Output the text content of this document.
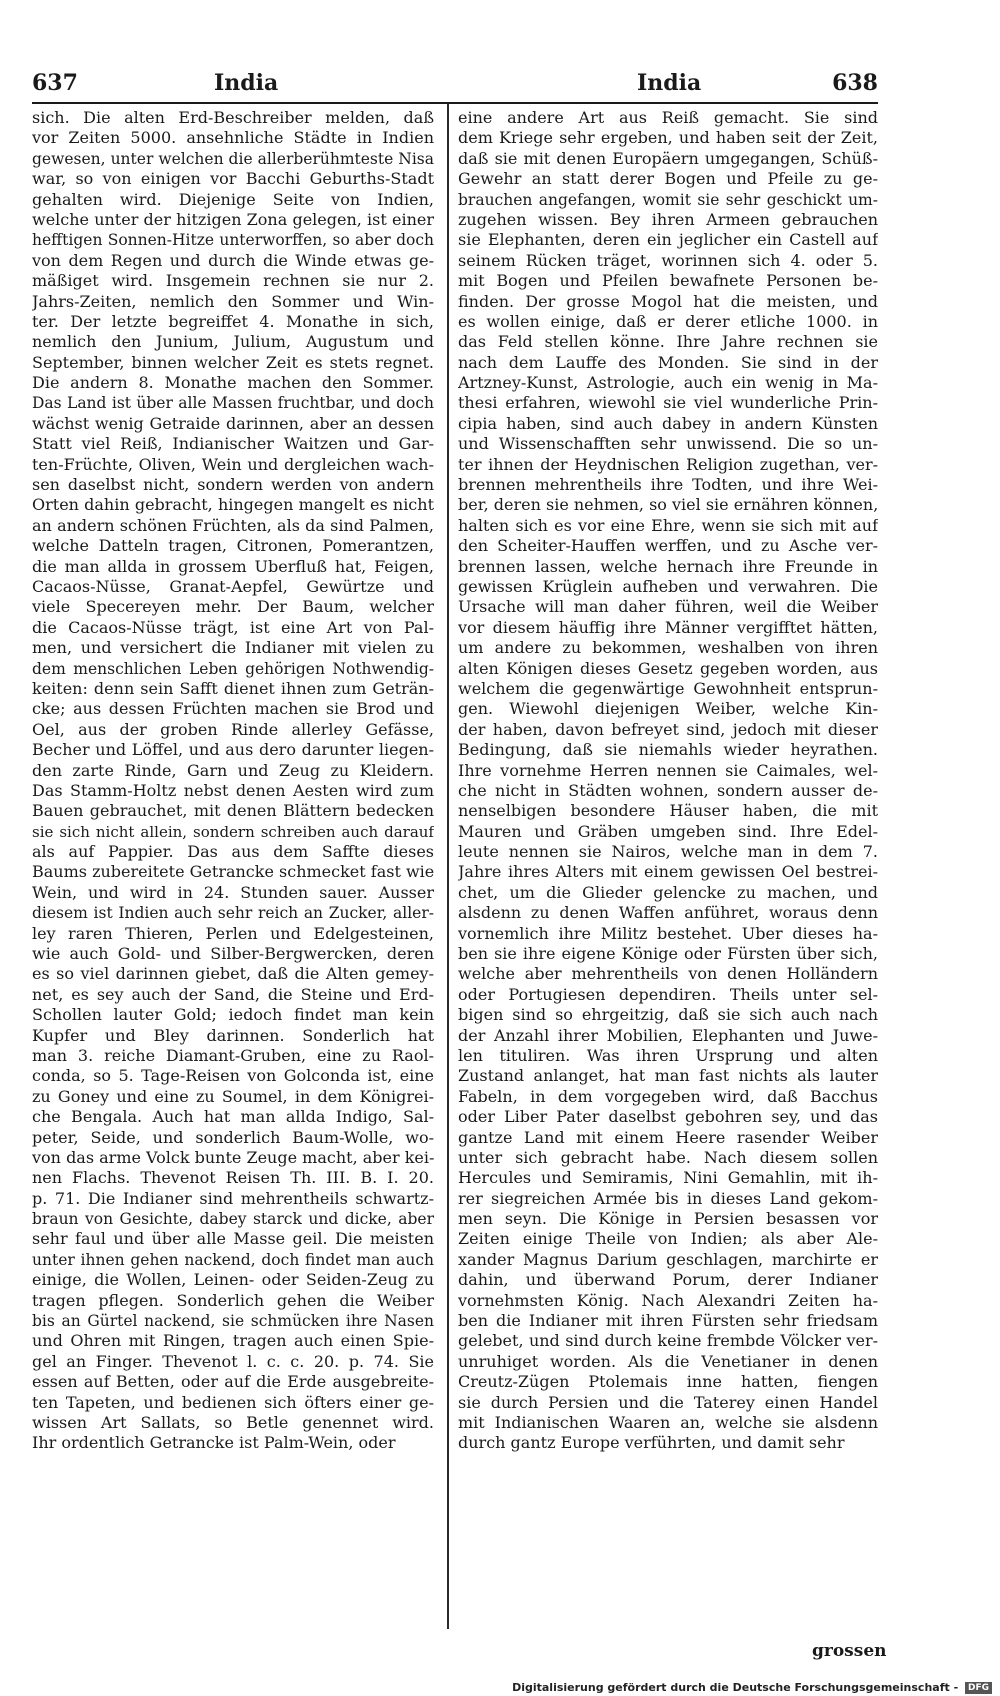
637	India	India	638
sich. Die alten Erd-Beschreiber melden, daß
vor Zeiten 5000. ansehnliche Städte in Indien
gewesen, unter welchen die allerberühmteste Nisa
war, so von einigen vor Bacchi Geburths-Stadt
gehalten wird. Diejenige Seite von Indien,
welche unter der hitzigen Zona gelegen, ist einer
hefftigen Sonnen-Hitze unterworffen, so aber doch
von dem Regen und durch die Winde etwas ge-
mäßiget wird. Insgemein rechnen sie nur 2.
Jahrs-Zeiten, nemlich den Sommer und Win-
ter. Der letzte begreiffet 4. Monathe in sich,
nemlich den Junium, Julium, Augustum und
September, binnen welcher Zeit es stets regnet.
Die andern 8. Monathe machen den Sommer.
Das Land ist über alle Massen fruchtbar, und doch
wächst wenig Getraide darinnen, aber an dessen
Statt viel Reiß, Indianischer Waitzen und Gar-
ten-Früchte, Oliven, Wein und dergleichen wach-
sen daselbst nicht, sondern werden von andern
Orten dahin gebracht, hingegen mangelt es nicht
an andern schönen Früchten, als da sind Palmen,
welche Datteln tragen, Citronen, Pomerantzen,
die man allda in grossem Uberfluß hat, Feigen,
Cacaos-Nüsse, Granat-Aepfel, Gewürtze und
viele Specereyen mehr. Der Baum, welcher
die Cacaos-Nüsse trägt, ist eine Art von Pal-
men, und versichert die Indianer mit vielen zu
dem menschlichen Leben gehörigen Nothwendig-
keiten: denn sein Safft dienet ihnen zum Geträn-
cke; aus dessen Früchten machen sie Brod und
Oel, aus der groben Rinde allerley Gefässe,
Becher und Löffel, und aus dero darunter liegen-
den zarte Rinde, Garn und Zeug zu Kleidern.
Das Stamm-Holtz nebst denen Aesten wird zum
Bauen gebrauchet, mit denen Blättern bedecken
sie sich nicht allein, sondern schreiben auch darauf
als auf Pappier. Das aus dem Saffte dieses
Baums zubereitete Getrancke schmecket fast wie
Wein, und wird in 24. Stunden sauer. Ausser
diesem ist Indien auch sehr reich an Zucker, aller-
ley raren Thieren, Perlen und Edelgesteinen,
wie auch Gold- und Silber-Bergwercken, deren
es so viel darinnen giebet, daß die Alten gemey-
net, es sey auch der Sand, die Steine und Erd-
Schollen lauter Gold; iedoch findet man kein
Kupfer und Bley darinnen. Sonderlich hat
man 3. reiche Diamant-Gruben, eine zu Raol-
conda, so 5. Tage-Reisen von Golconda ist, eine
zu Goney und eine zu Soumel, in dem Königrei-
che Bengala. Auch hat man allda Indigo, Sal-
peter, Seide, und sonderlich Baum-Wolle, wo-
von das arme Volck bunte Zeuge macht, aber kei-
nen Flachs. Thevenot Reisen Th. III. B. I. 20.
p. 71. Die Indianer sind mehrentheils schwartz-
braun von Gesichte, dabey starck und dicke, aber
sehr faul und über alle Masse geil. Die meisten
unter ihnen gehen nackend, doch findet man auch
einige, die Wollen, Leinen- oder Seiden-Zeug zu
tragen pflegen. Sonderlich gehen die Weiber
bis an Gürtel nackend, sie schmücken ihre Nasen
und Ohren mit Ringen, tragen auch einen Spie-
gel an Finger. Thevenot l. c. c. 20. p. 74. Sie
essen auf Betten, oder auf die Erde ausgebreite-
ten Tapeten, und bedienen sich öfters einer ge-
wissen Art Sallats, so Betle genennet wird.
Ihr ordentlich Getrancke ist Palm-Wein, oder
eine andere Art aus Reiß gemacht. Sie sind
dem Kriege sehr ergeben, und haben seit der Zeit,
daß sie mit denen Europäern umgegangen, Schüß-
Gewehr an statt derer Bogen und Pfeile zu ge-
brauchen angefangen, womit sie sehr geschickt um-
zugehen wissen. Bey ihren Armeen gebrauchen
sie Elephanten, deren ein jeglicher ein Castell auf
seinem Rücken träget, worinnen sich 4. oder 5.
mit Bogen und Pfeilen bewafnete Personen be-
finden. Der grosse Mogol hat die meisten, und
es wollen einige, daß er derer etliche 1000. in
das Feld stellen könne. Ihre Jahre rechnen sie
nach dem Lauffe des Monden. Sie sind in der
Artzney-Kunst, Astrologie, auch ein wenig in Ma-
thesi erfahren, wiewohl sie viel wunderliche Prin-
cipia haben, sind auch dabey in andern Künsten
und Wissenschafften sehr unwissend. Die so un-
ter ihnen der Heydnischen Religion zugethan, ver-
brennen mehrentheils ihre Todten, und ihre Wei-
ber, deren sie nehmen, so viel sie ernähren können,
halten sich es vor eine Ehre, wenn sie sich mit auf
den Scheiter-Hauffen werffen, und zu Asche ver-
brennen lassen, welche hernach ihre Freunde in
gewissen Krüglein aufheben und verwahren. Die
Ursache will man daher führen, weil die Weiber
vor diesem häuffig ihre Männer vergifftet hätten,
um andere zu bekommen, weshalben von ihren
alten Königen dieses Gesetz gegeben worden, aus
welchem die gegenwärtige Gewohnheit entsprun-
gen. Wiewohl diejenigen Weiber, welche Kin-
der haben, davon befreyet sind, jedoch mit dieser
Bedingung, daß sie niemahls wieder heyrathen.
Ihre vornehme Herren nennen sie Caimales, wel-
che nicht in Städten wohnen, sondern ausser de-
nenselbigen besondere Häuser haben, die mit
Mauren und Gräben umgeben sind. Ihre Edel-
leute nennen sie Nairos, welche man in dem 7.
Jahre ihres Alters mit einem gewissen Oel bestrei-
chet, um die Glieder gelencke zu machen, und
alsdenn zu denen Waffen anführet, woraus denn
vornemlich ihre Militz bestehet. Uber dieses ha-
ben sie ihre eigene Könige oder Fürsten über sich,
welche aber mehrentheils von denen Holländern
oder Portugiesen dependiren. Theils unter sel-
bigen sind so ehrgeitzig, daß sie sich auch nach
der Anzahl ihrer Mobilien, Elephanten und Juwe-
len tituliren. Was ihren Ursprung und alten
Zustand anlanget, hat man fast nichts als lauter
Fabeln, in dem vorgegeben wird, daß Bacchus
oder Liber Pater daselbst gebohren sey, und das
gantze Land mit einem Heere rasender Weiber
unter sich gebracht habe. Nach diesem sollen
Hercules und Semiramis, Nini Gemahlin, mit ih-
rer siegreichen Armée bis in dieses Land gekom-
men seyn. Die Könige in Persien besassen vor
Zeiten einige Theile von Indien; als aber Ale-
xander Magnus Darium geschlagen, marchirte er
dahin, und überwand Porum, derer Indianer
vornehmsten König. Nach Alexandri Zeiten ha-
ben die Indianer mit ihren Fürsten sehr friedsam
gelebet, und sind durch keine frembde Völcker ver-
unruhiget worden. Als die Venetianer in denen
Creutz-Zügen Ptolemais inne hatten, fiengen
sie durch Persien und die Taterey einen Handel
mit Indianischen Waaren an, welche sie alsdenn
durch gantz Europe verführten, und damit sehr
grossen
Digitalisierung gefördert durch die Deutsche Forschungsgemeinschaft - DFG
